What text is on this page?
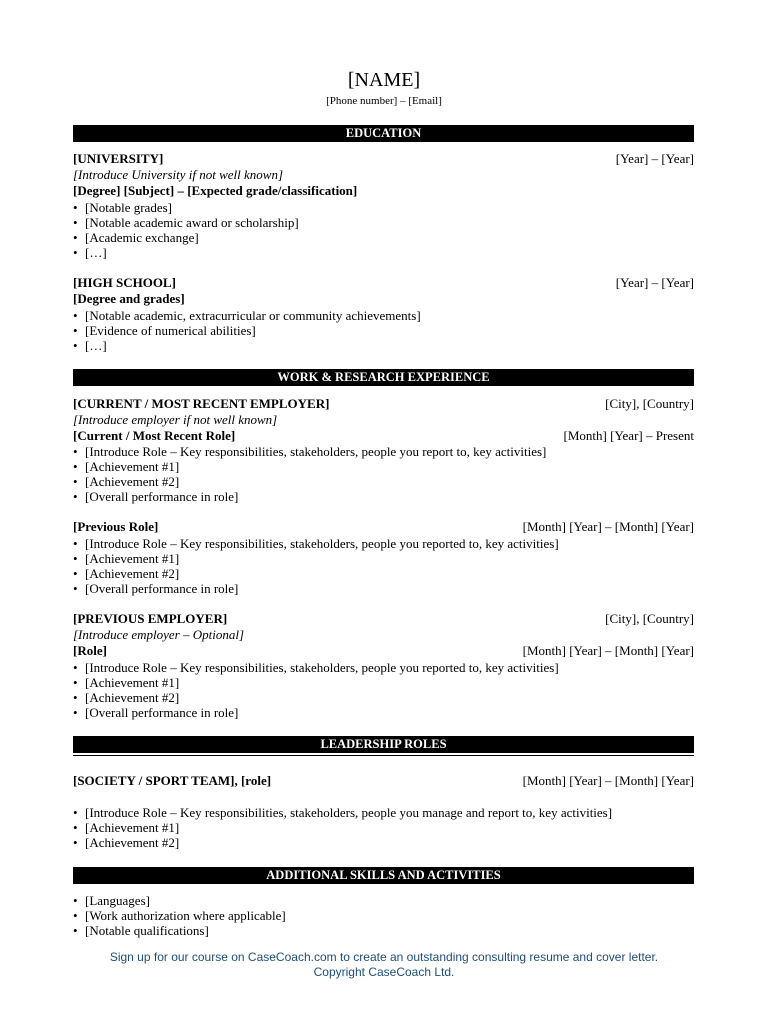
[NAME]
[Phone number] – [Email]
EDUCATION
[UNIVERSITY]	[Year] – [Year]
[Introduce University if not well known]
[Degree] [Subject] – [Expected grade/classification]
• [Notable grades]
• [Notable academic award or scholarship]
• [Academic exchange]
• […]
[HIGH SCHOOL]	[Year] – [Year]
[Degree and grades]
• [Notable academic, extracurricular or community achievements]
• [Evidence of numerical abilities]
• […]
WORK & RESEARCH EXPERIENCE
[CURRENT / MOST RECENT EMPLOYER]	[City], [Country]
[Introduce employer if not well known]
[Current / Most Recent Role]	[Month] [Year] – Present
• [Introduce Role – Key responsibilities, stakeholders, people you report to, key activities]
• [Achievement #1]
• [Achievement #2]
• [Overall performance in role]
[Previous Role]	[Month] [Year] – [Month] [Year]
• [Introduce Role – Key responsibilities, stakeholders, people you reported to, key activities]
• [Achievement #1]
• [Achievement #2]
• [Overall performance in role]
[PREVIOUS EMPLOYER]	[City], [Country]
[Introduce employer – Optional]
[Role]	[Month] [Year] – [Month] [Year]
• [Introduce Role – Key responsibilities, stakeholders, people you reported to, key activities]
• [Achievement #1]
• [Achievement #2]
• [Overall performance in role]
LEADERSHIP ROLES
[SOCIETY / SPORT TEAM], [role]	[Month] [Year] – [Month] [Year]
• [Introduce Role – Key responsibilities, stakeholders, people you manage and report to, key activities]
• [Achievement #1]
• [Achievement #2]
ADDITIONAL SKILLS AND ACTIVITIES
• [Languages]
• [Work authorization where applicable]
• [Notable qualifications]
Sign up for our course on CaseCoach.com to create an outstanding consulting resume and cover letter.
Copyright CaseCoach Ltd.
